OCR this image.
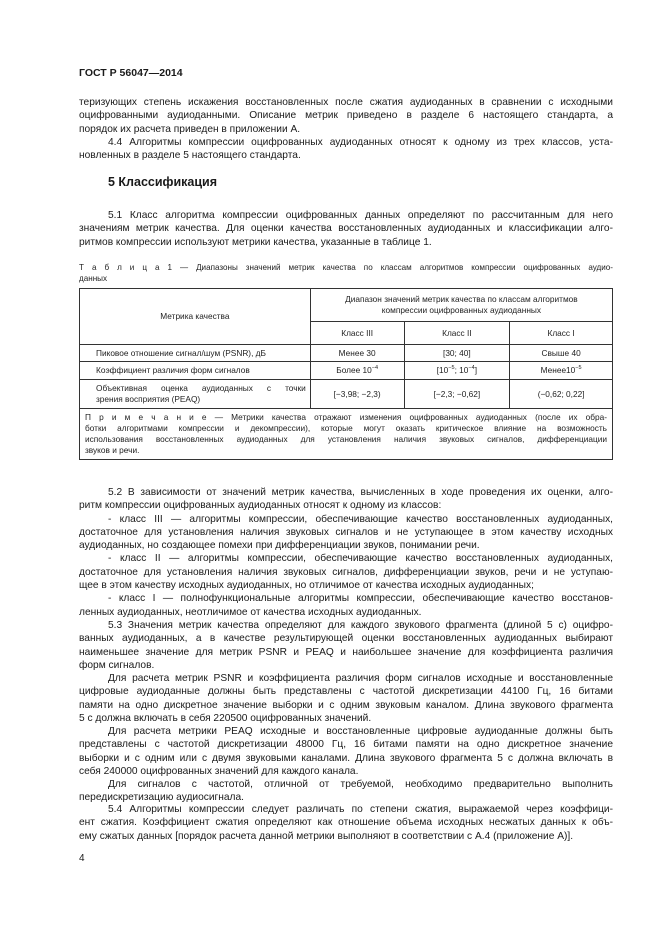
ГОСТ Р 56047—2014
теризующих степень искажения восстановленных после сжатия аудиоданных в сравнении с исходными
оцифрованными аудиоданными. Описание метрик приведено в разделе 6 настоящего стандарта, а
порядок их расчета приведен в приложении А.
4.4 Алгоритмы компрессии оцифрованных аудиоданных относят к одному из трех классов, уста-
новленных в разделе 5 настоящего стандарта.
5 Классификация
5.1 Класс алгоритма компрессии оцифрованных данных определяют по рассчитанным для него
значениям метрик качества. Для оценки качества восстановленных аудиоданных и классификации алго-
ритмов компрессии используют метрики качества, указанные в таблице 1.
Т а б л и ц а 1 — Диапазоны значений метрик качества по классам алгоритмов компрессии оцифрованных аудио-
данных
Метрика качества	Диапазон значений метрик качества по классам алгоритмов
компрессии оцифрованных аудиоданных		

	Класс III	Класс II	Класс I
Пиковое отношение сигнал/шум (PSNR), дБ	Менее 30	[30; 40]	Свыше 40
Коэффициент различия форм сигналов	Более $10^{-4}$	[$10^{-5}$; $10^{-4}$]	$Менее10^{-5}$

Объективная оценка аудиоданных с точки
зрения восприятия (PEAQ)	[−3,98; −2,3)	[−2,3; −0,62]	(−0,62; 0,22]

П р и м е ч а н и е — Метрики качества отражают изменения оцифрованных аудиоданных (после их обра-
ботки алгоритмами компрессии и декомпрессии), которые могут оказать критическое влияние на возможность
использования восстановленных аудиоданных для установления наличия звуковых сигналов, дифференциации
звуков и речи.			
5.2 В зависимости от значений метрик качества, вычисленных в ходе проведения их оценки, алго-
ритм компрессии оцифрованных аудиоданных относят к одному из классов:
- класс III — алгоритмы компрессии, обеспечивающие качество восстановленных аудиоданных,
достаточное для установления наличия звуковых сигналов и не уступающее в этом качеству исходных
аудиоданных, но создающее помехи при дифференциации звуков, понимании речи.
- класс II — алгоритмы компрессии, обеспечивающие качество восстановленных аудиоданных,
достаточное для установления наличия звуковых сигналов, дифференциации звуков, речи и не уступаю-
щее в этом качеству исходных аудиоданных, но отличимое от качества исходных аудиоданных;
- класс I — полнофункциональные алгоритмы компрессии, обеспечивающие качество восстанов-
ленных аудиоданных, неотличимое от качества исходных аудиоданных.
5.3 Значения метрик качества определяют для каждого звукового фрагмента (длиной 5 с) оцифро-
ванных аудиоданных, а в качестве результирующей оценки восстановленных аудиоданных выбирают
наименьшее значение для метрик PSNR и PEAQ и наибольшее значение для коэффициента различия
форм сигналов.
Для расчета метрик PSNR и коэффициента различия форм сигналов исходные и восстановленные
цифровые аудиоданные должны быть представлены с частотой дискретизации 44100 Гц, 16 битами
памяти на одно дискретное значение выборки и с одним звуковым каналом. Длина звукового фрагмента
5 с должна включать в себя 220500 оцифрованных значений.
Для расчета метрики PEAQ исходные и восстановленные цифровые аудиоданные должны быть
представлены с частотой дискретизации 48000 Гц, 16 битами памяти на одно дискретное значение
выборки и с одним или с двумя звуковыми каналами. Длина звукового фрагмента 5 с должна включать в
себя 240000 оцифрованных значений для каждого канала.
Для сигналов с частотой, отличной от требуемой, необходимо предварительно выполнить
передискретизацию аудиосигнала.
5.4 Алгоритмы компрессии следует различать по степени сжатия, выражаемой через коэффици-
ент сжатия. Коэффициент сжатия определяют как отношение объема исходных несжатых данных к объ-
ему сжатых данных [порядок расчета данной метрики выполняют в соответствии с А.4 (приложение А)].
4
